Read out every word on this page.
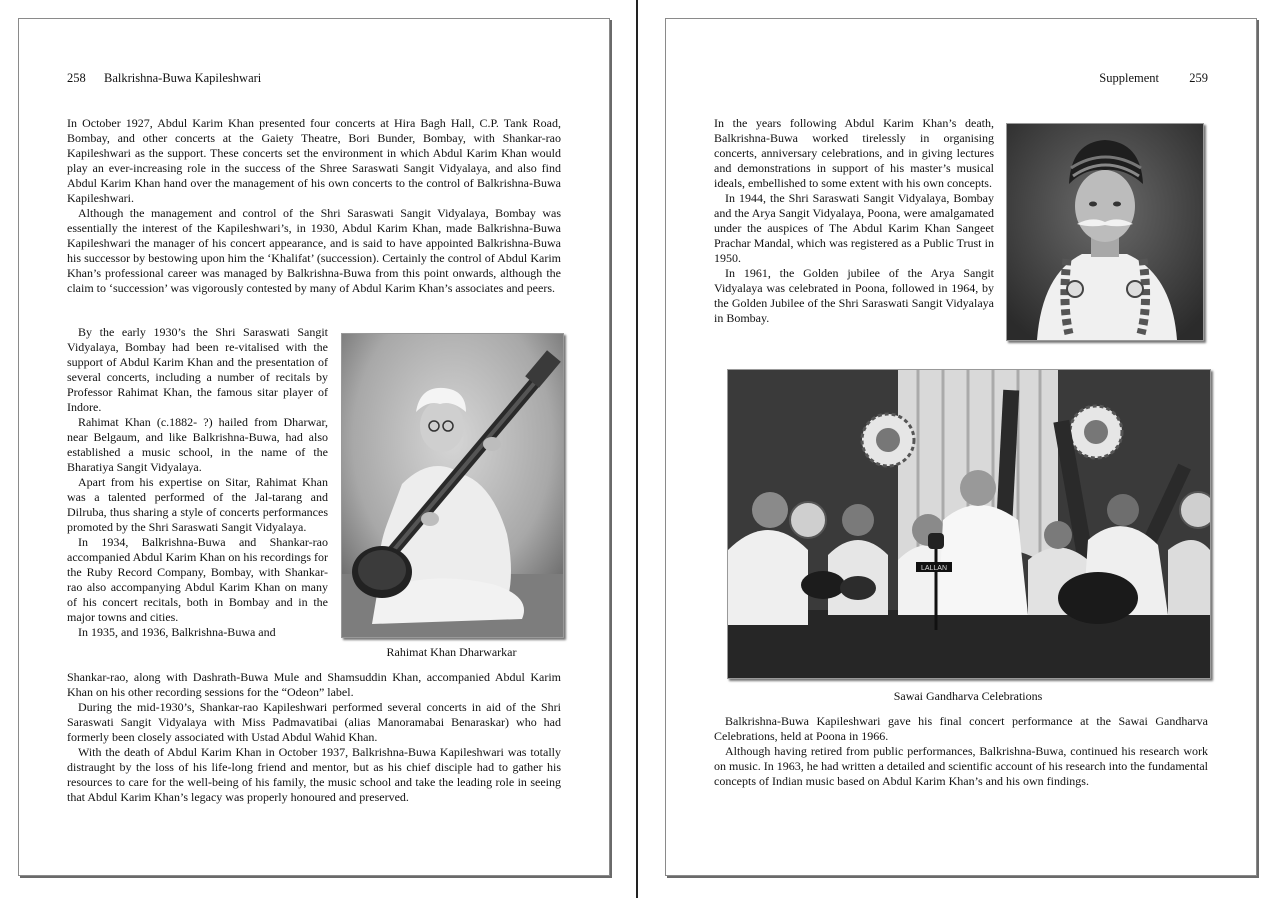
258 Balkrishna-Buwa Kapileshwari

In October 1927, Abdul Karim Khan presented four concerts at Hira Bagh Hall, C.P. Tank Road, Bombay, and other concerts at the Gaiety Theatre, Bori Bunder, Bombay, with Shankar-rao Kapileshwari as the support. These concerts set the environment in which Abdul Karim Khan would play an ever-increasing role in the success of the Shree Saraswati Sangit Vidyalaya, and also find Abdul Karim Khan hand over the management of his own concerts to the control of Balkrishna-Buwa Kapileshwari.

Although the management and control of the Shri Saraswati Sangit Vidyalaya, Bombay was essentially the interest of the Kapileshwari’s, in 1930, Abdul Karim Khan, made Balkrishna-Buwa Kapileshwari the manager of his concert appearance, and is said to have appointed Balkrishna-Buwa his successor by bestowing upon him the ‘Khalifat’ (succession). Certainly the control of Abdul Karim Khan’s professional career was managed by Balkrishna-Buwa from this point onwards, although the claim to ‘succession’ was vigorously contested by many of Abdul Karim Khan’s associates and peers.

By the early 1930’s the Shri Saraswati Sangit Vidyalaya, Bombay had been re-vitalised with the support of Abdul Karim Khan and the presentation of several concerts, including a number of recitals by Professor Rahimat Khan, the famous sitar player of Indore.

Rahimat Khan (c.1882- ?) hailed from Dharwar, near Belgaum, and like Balkrishna-Buwa, had also established a music school, in the name of the Bharatiya Sangit Vidyalaya.

Apart from his expertise on Sitar, Rahimat Khan was a talented performed of the Jal-tarang and Dilruba, thus sharing a style of concerts performances promoted by the Shri Saraswati Sangit Vidyalaya.

In 1934, Balkrishna-Buwa and Shankar-rao accompanied Abdul Karim Khan on his recordings for the Ruby Record Company, Bombay, with Shankar-rao also accompanying Abdul Karim Khan on many of his concert recitals, both in Bombay and in the major towns and cities.

In 1935, and 1936, Balkrishna-Buwa and

Rahimat Khan Dharwarkar

Shankar-rao, along with Dashrath-Buwa Mule and Shamsuddin Khan, accompanied Abdul Karim Khan on his other recording sessions for the “Odeon” label.

During the mid-1930’s, Shankar-rao Kapileshwari performed several concerts in aid of the Shri Saraswati Sangit Vidyalaya with Miss Padmavatibai (alias Manoramabai Benaraskar) who had formerly been closely associated with Ustad Abdul Wahid Khan.

With the death of Abdul Karim Khan in October 1937, Balkrishna-Buwa Kapileshwari was totally distraught by the loss of his life-long friend and mentor, but as his chief disciple had to gather his resources to care for the well-being of his family, the music school and take the leading role in seeing that Abdul Karim Khan’s legacy was properly honoured and preserved.

Supplement 259

In the years following Abdul Karim Khan’s death, Balkrishna-Buwa worked tirelessly in organising concerts, anniversary celebrations, and in giving lectures and demonstrations in support of his master’s musical ideals, embellished to some extent with his own concepts.

In 1944, the Shri Saraswati Sangit Vidyalaya, Bombay and the Arya Sangit Vidyalaya, Poona, were amalgamated under the auspices of The Abdul Karim Khan Sangeet Prachar Mandal, which was registered as a Public Trust in 1950.

In 1961, the Golden jubilee of the Arya Sangit Vidyalaya was celebrated in Poona, followed in 1964, by the Golden Jubilee of the Shri Saraswati Sangit Vidyalaya in Bombay.

LALLAN
Sawai Gandharva Celebrations

Balkrishna-Buwa Kapileshwari gave his final concert performance at the Sawai Gandharva Celebrations, held at Poona in 1966.

Although having retired from public performances, Balkrishna-Buwa, continued his research work on music. In 1963, he had written a detailed and scientific account of his research into the fundamental concepts of Indian music based on Abdul Karim Khan’s and his own findings.
